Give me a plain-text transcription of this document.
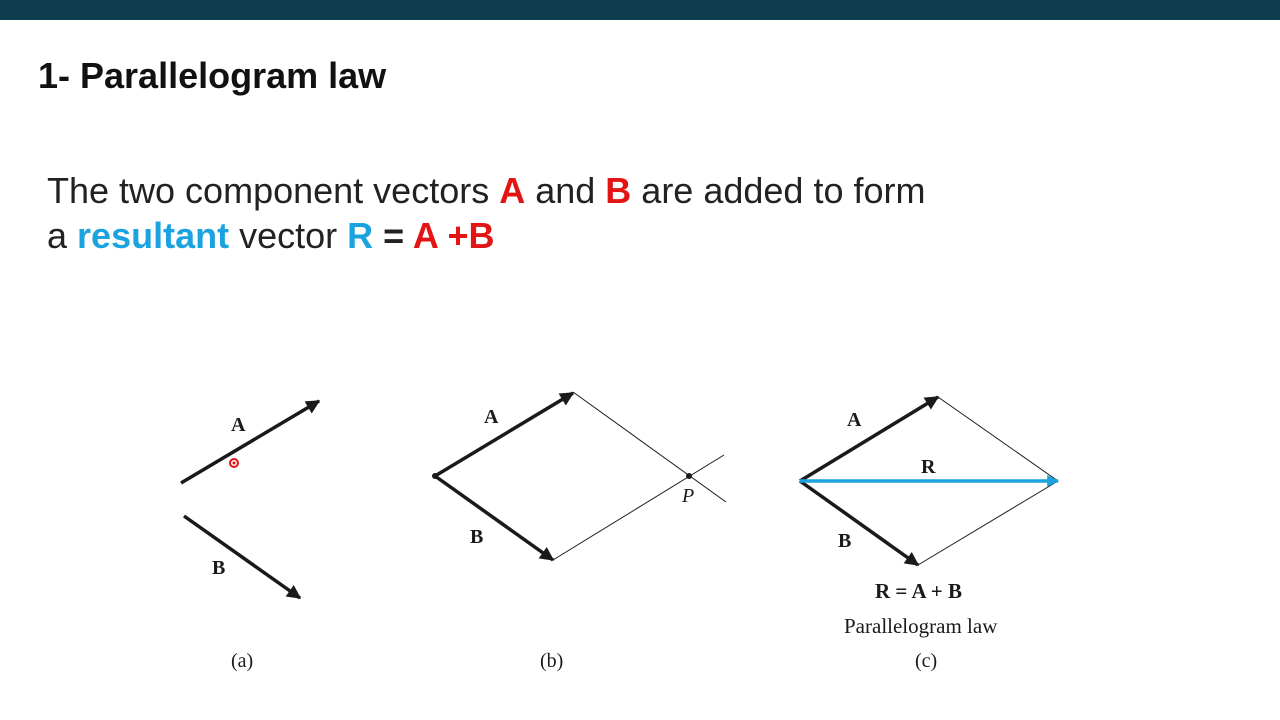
1- Parallelogram law
The two component vectors A and B are added to form
a resultant vector R = A +B
A
B
(a)
A
B
P
(b)
A
R
B
R = A + B
Parallelogram law
(c)
